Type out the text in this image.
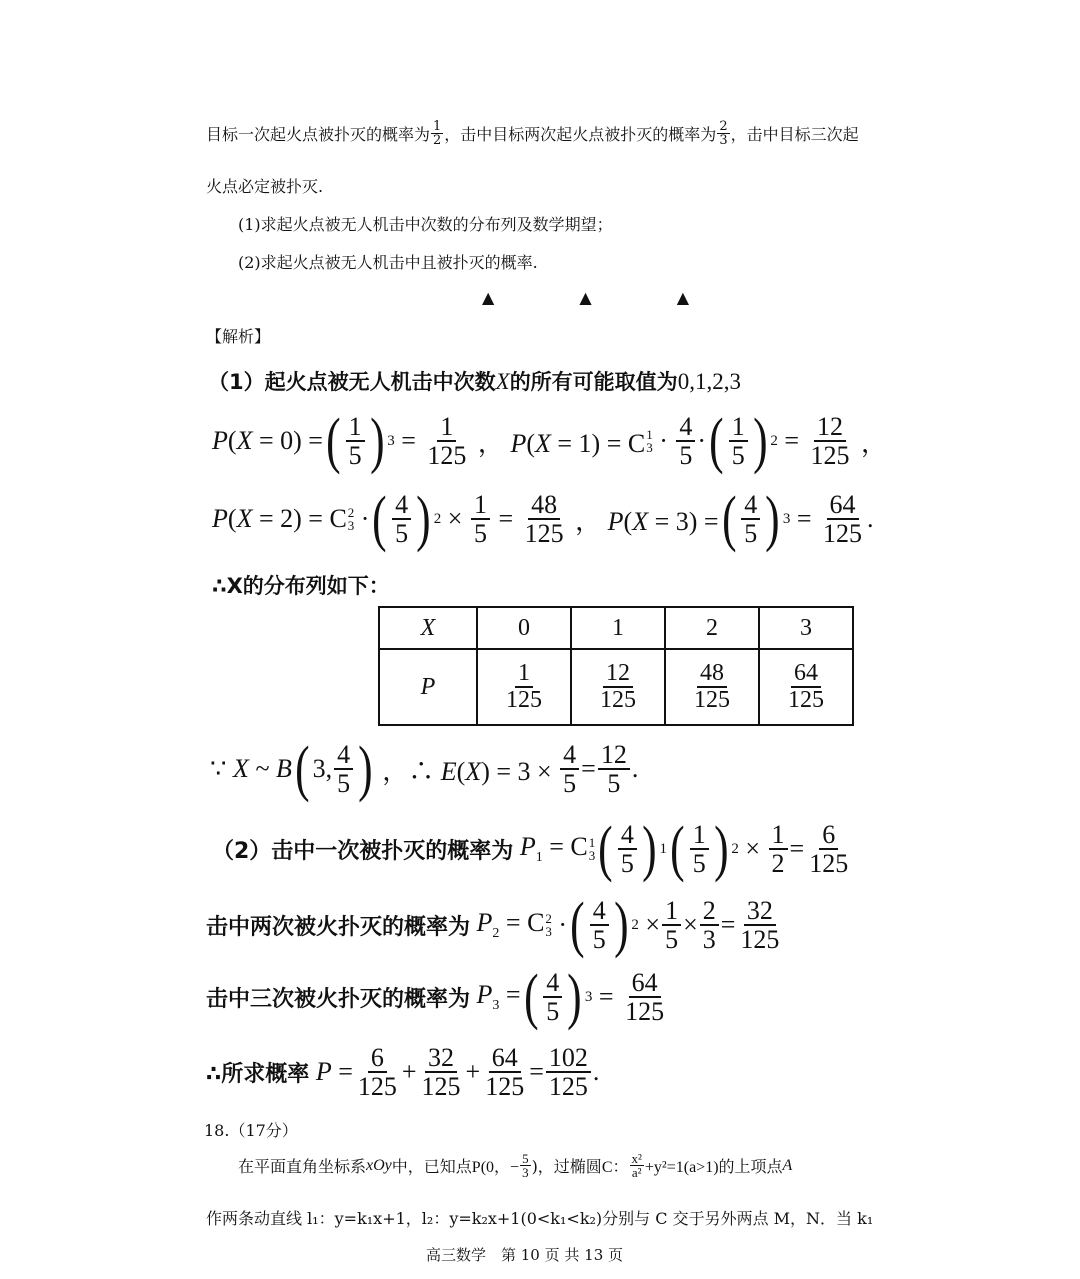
目标一次起火点被扑灭的概率为 $\frac{1}{2}$ ，击中目标两次起火点被扑灭的概率为 $\frac{2}{3}$ ，击中目标三次起
火点必定被扑灭.
(1)求起火点被无人机击中次数的分布列及数学期望；
(2)求起火点被无人机击中且被扑灭的概率.
▲ ▲ ▲
【解析】
（1）起火点被无人机击中次数X的所有可能取值为0,1,2,3
P(X = 0) = ( $\frac{1}{5}$ ) $3 = \frac{1}{125}$ ， P(X = 1) = C 1
$3 \cdot \frac{4}{5}$ · ( $\frac{1}{5}$ ) $2 = \frac{12}{125}$ ，
P(X = 2) = C 2
3 · ( $\frac{4}{5}$ ) $2 \times \frac{1}{5} = \frac{48}{125}$ ， P(X = 3) = ( $\frac{4}{5}$ ) $3 = \frac{64}{125}$ .
∴X的分布列如下：
X	0	1	2	3
P	$\frac{1}{125}$	$\frac{12}{125}$	$\frac{48}{125}$	$\frac{64}{125}$
∵ X ~ B ( 3, $\frac{4}{5}$ ) ，∴ $E(X) = 3 \times \frac{4}{5} = \frac{12}{5}$ .
（2）击中一次被扑灭的概率为 $P_1 = C$ 1
3 ( $\frac{4}{5}$ ) 1 ( $\frac{1}{5}$ ) $2 \times \frac{1}{2} = \frac{6}{125}$
击中两次被火扑灭的概率为 $P_2 = C$ 2
3 · ( $\frac{4}{5}$ ) $2 \times \frac{1}{5} \times \frac{2}{3} = \frac{32}{125}$
击中三次被火扑灭的概率为 $P_3$ = ( $\frac{4}{5}$ ) $3 = \frac{64}{125}$
∴所求概率 $P = \frac{6}{125} + \frac{32}{125} + \frac{64}{125} = \frac{102}{125}$ .
18.（17分）
在平面直角坐标系 xOy 中，已知点 P(0，− $\frac{5}{3}$ )，过椭圆 C： $\frac{\text{x²}}{\text{a²}} +y^2=1(a>1)$的上项点 A
作两条动直线 l₁：y=k₁x+1，l₂：y=k₂x+1(0<k₁<k₂)分别与 C 交于另外两点 M，N．当 k₁
高三数学　第 10 页 共 13 页
